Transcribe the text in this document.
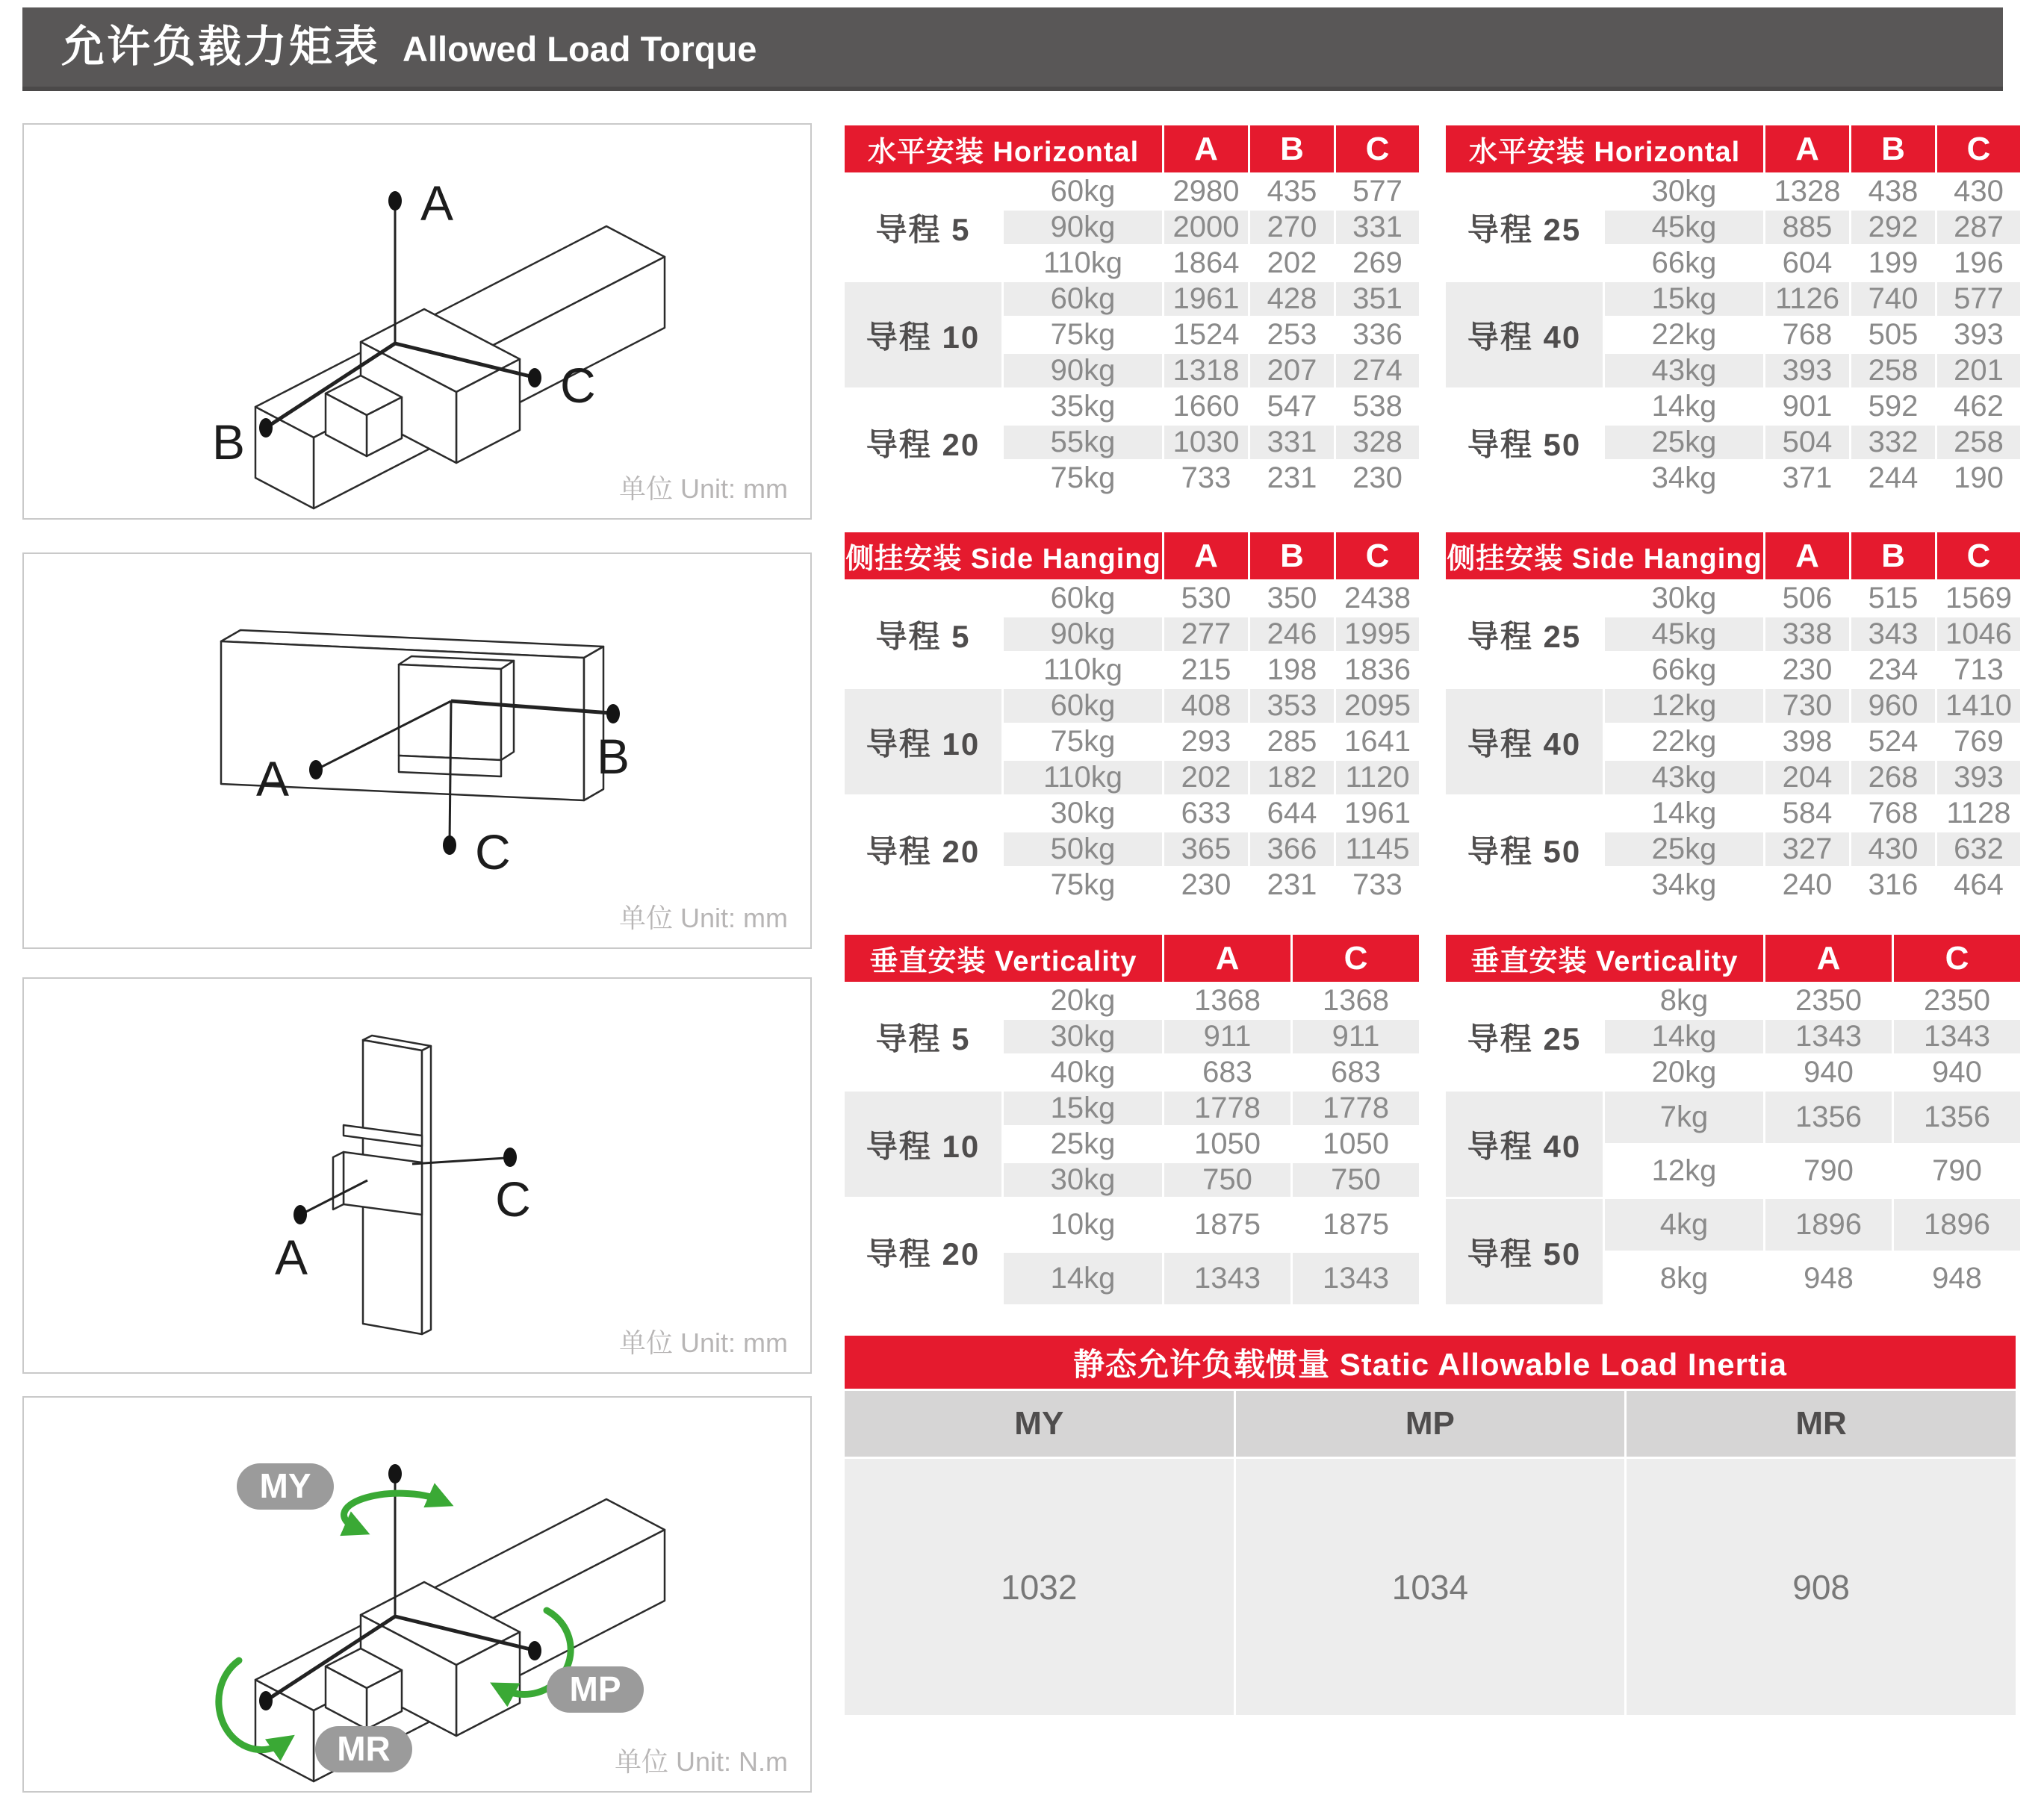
允许负载力矩表 Allowed Load Torque
A
B
C
单位 Unit: mm
A	B
C
单位 Unit: mm
A
C
单位 Unit: mm
MY
MP
MR	单位 Unit: N.m
水平安装 Horizontal		A	B	C
导程 5	60kg	2980	435	577
	90kg	2000	270	331
	110kg	1864	202	269
导程 10	60kg	1961	428	351
	75kg	1524	253	336
	90kg	1318	207	274
导程 20	35kg	1660	547	538
	55kg	1030	331	328
	75kg	733	231	230
水平安装 Horizontal		A	B	C
导程 25	30kg	1328	438	430
	45kg	885	292	287
	66kg	604	199	196
导程 40	15kg	1126	740	577
	22kg	768	505	393
	43kg	393	258	201
导程 50	14kg	901	592	462
	25kg	504	332	258
	34kg	371	244	190
侧挂安装 Side Hanging		A	B	C
导程 5	60kg	530	350	2438
	90kg	277	246	1995
	110kg	215	198	1836
导程 10	60kg	408	353	2095
	75kg	293	285	1641
	110kg	202	182	1120
导程 20	30kg	633	644	1961
	50kg	365	366	1145
	75kg	230	231	733
侧挂安装 Side Hanging		A	B	C
导程 25	30kg	506	515	1569
	45kg	338	343	1046
	66kg	230	234	713
导程 40	12kg	730	960	1410
	22kg	398	524	769
	43kg	204	268	393
导程 50	14kg	584	768	1128
	25kg	327	430	632
	34kg	240	316	464
垂直安装 Verticality		A	C
导程 5	20kg	1368	1368
	30kg	911	911
	40kg	683	683
导程 10	15kg	1778	1778
	25kg	1050	1050
	30kg	750	750
导程 20	10kg	1875	1875
	14kg	1343	1343
垂直安装 Verticality		A	C
导程 25	8kg	2350	2350
	14kg	1343	1343
	20kg	940	940
导程 40	7kg	1356	1356
	12kg	790	790
导程 50	4kg	1896	1896
	8kg	948	948
静态允许负载惯量 Static Allowable Load Inertia		
MY	MP	MR
1032	1034	908
